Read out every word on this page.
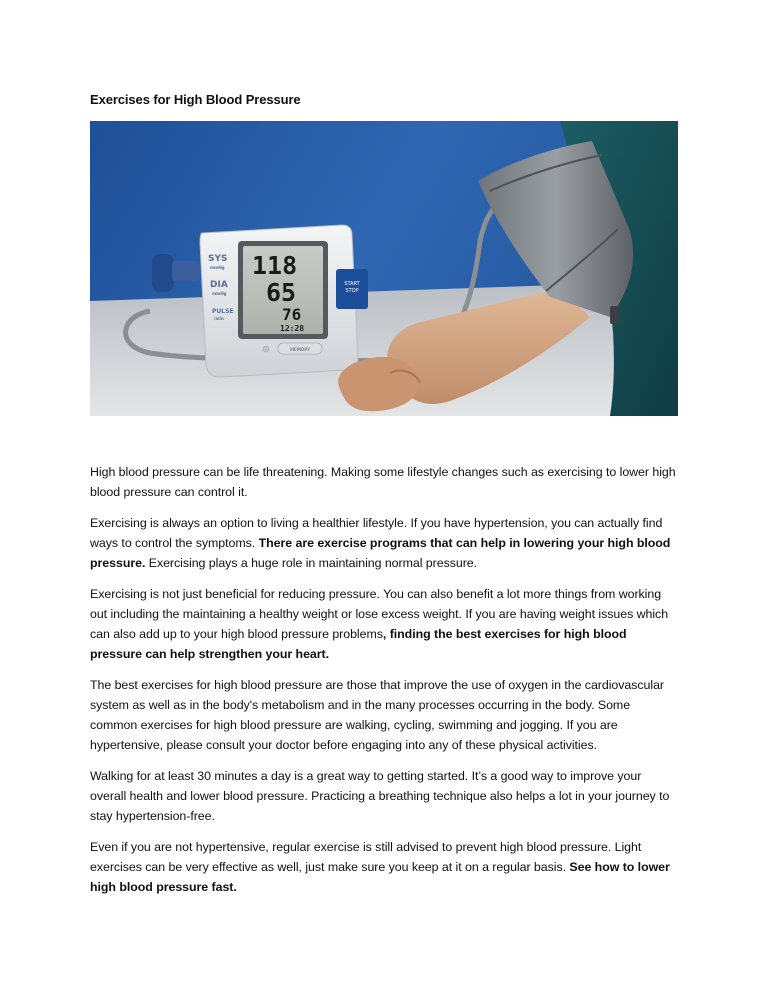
Exercises for High Blood Pressure
118
65
76
12:28
SYS
mmHg
DIA
mmHg
PULSE
/min
START
STOP
MEMORY

High blood pressure can be life threatening. Making some lifestyle changes such as exercising to lower high blood pressure can control it.

Exercising is always an option to living a healthier lifestyle. If you have hypertension, you can actually find ways to control the symptoms. There are exercise programs that can help in lowering your high blood pressure. Exercising plays a huge role in maintaining normal pressure.

Exercising is not just beneficial for reducing pressure. You can also benefit a lot more things from working out including the maintaining a healthy weight or lose excess weight. If you are having weight issues which can also add up to your high blood pressure problems, finding the best exercises for high blood pressure can help strengthen your heart.

The best exercises for high blood pressure are those that improve the use of oxygen in the cardiovascular system as well as in the body's metabolism and in the many processes occurring in the body. Some common exercises for high blood pressure are walking, cycling, swimming and jogging. If you are hypertensive, please consult your doctor before engaging into any of these physical activities.

Walking for at least 30 minutes a day is a great way to getting started. It’s a good way to improve your overall health and lower blood pressure. Practicing a breathing technique also helps a lot in your journey to stay hypertension-free.

Even if you are not hypertensive, regular exercise is still advised to prevent high blood pressure. Light exercises can be very effective as well, just make sure you keep at it on a regular basis. See how to lower high blood pressure fast.
